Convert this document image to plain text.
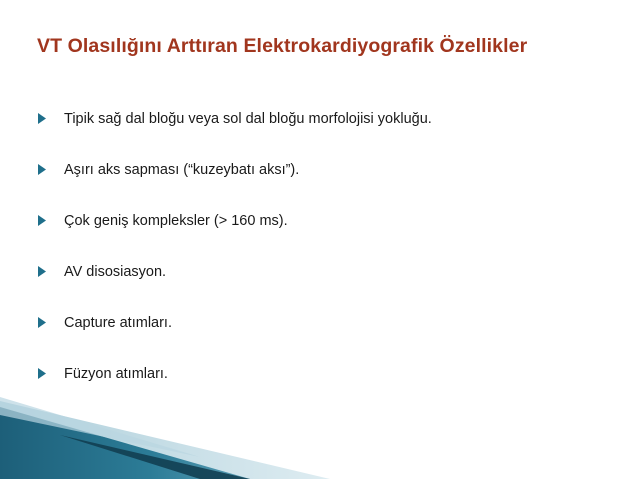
VT Olasılığını Arttıran Elektrokardiyografik Özellikler
Tipik sağ dal bloğu veya sol dal bloğu morfolojisi yokluğu.
Aşırı aks sapması (“kuzeybatı aksı”).
Çok geniş kompleksler (> 160 ms).
AV disosiasyon.
Capture atımları.
Füzyon atımları.
